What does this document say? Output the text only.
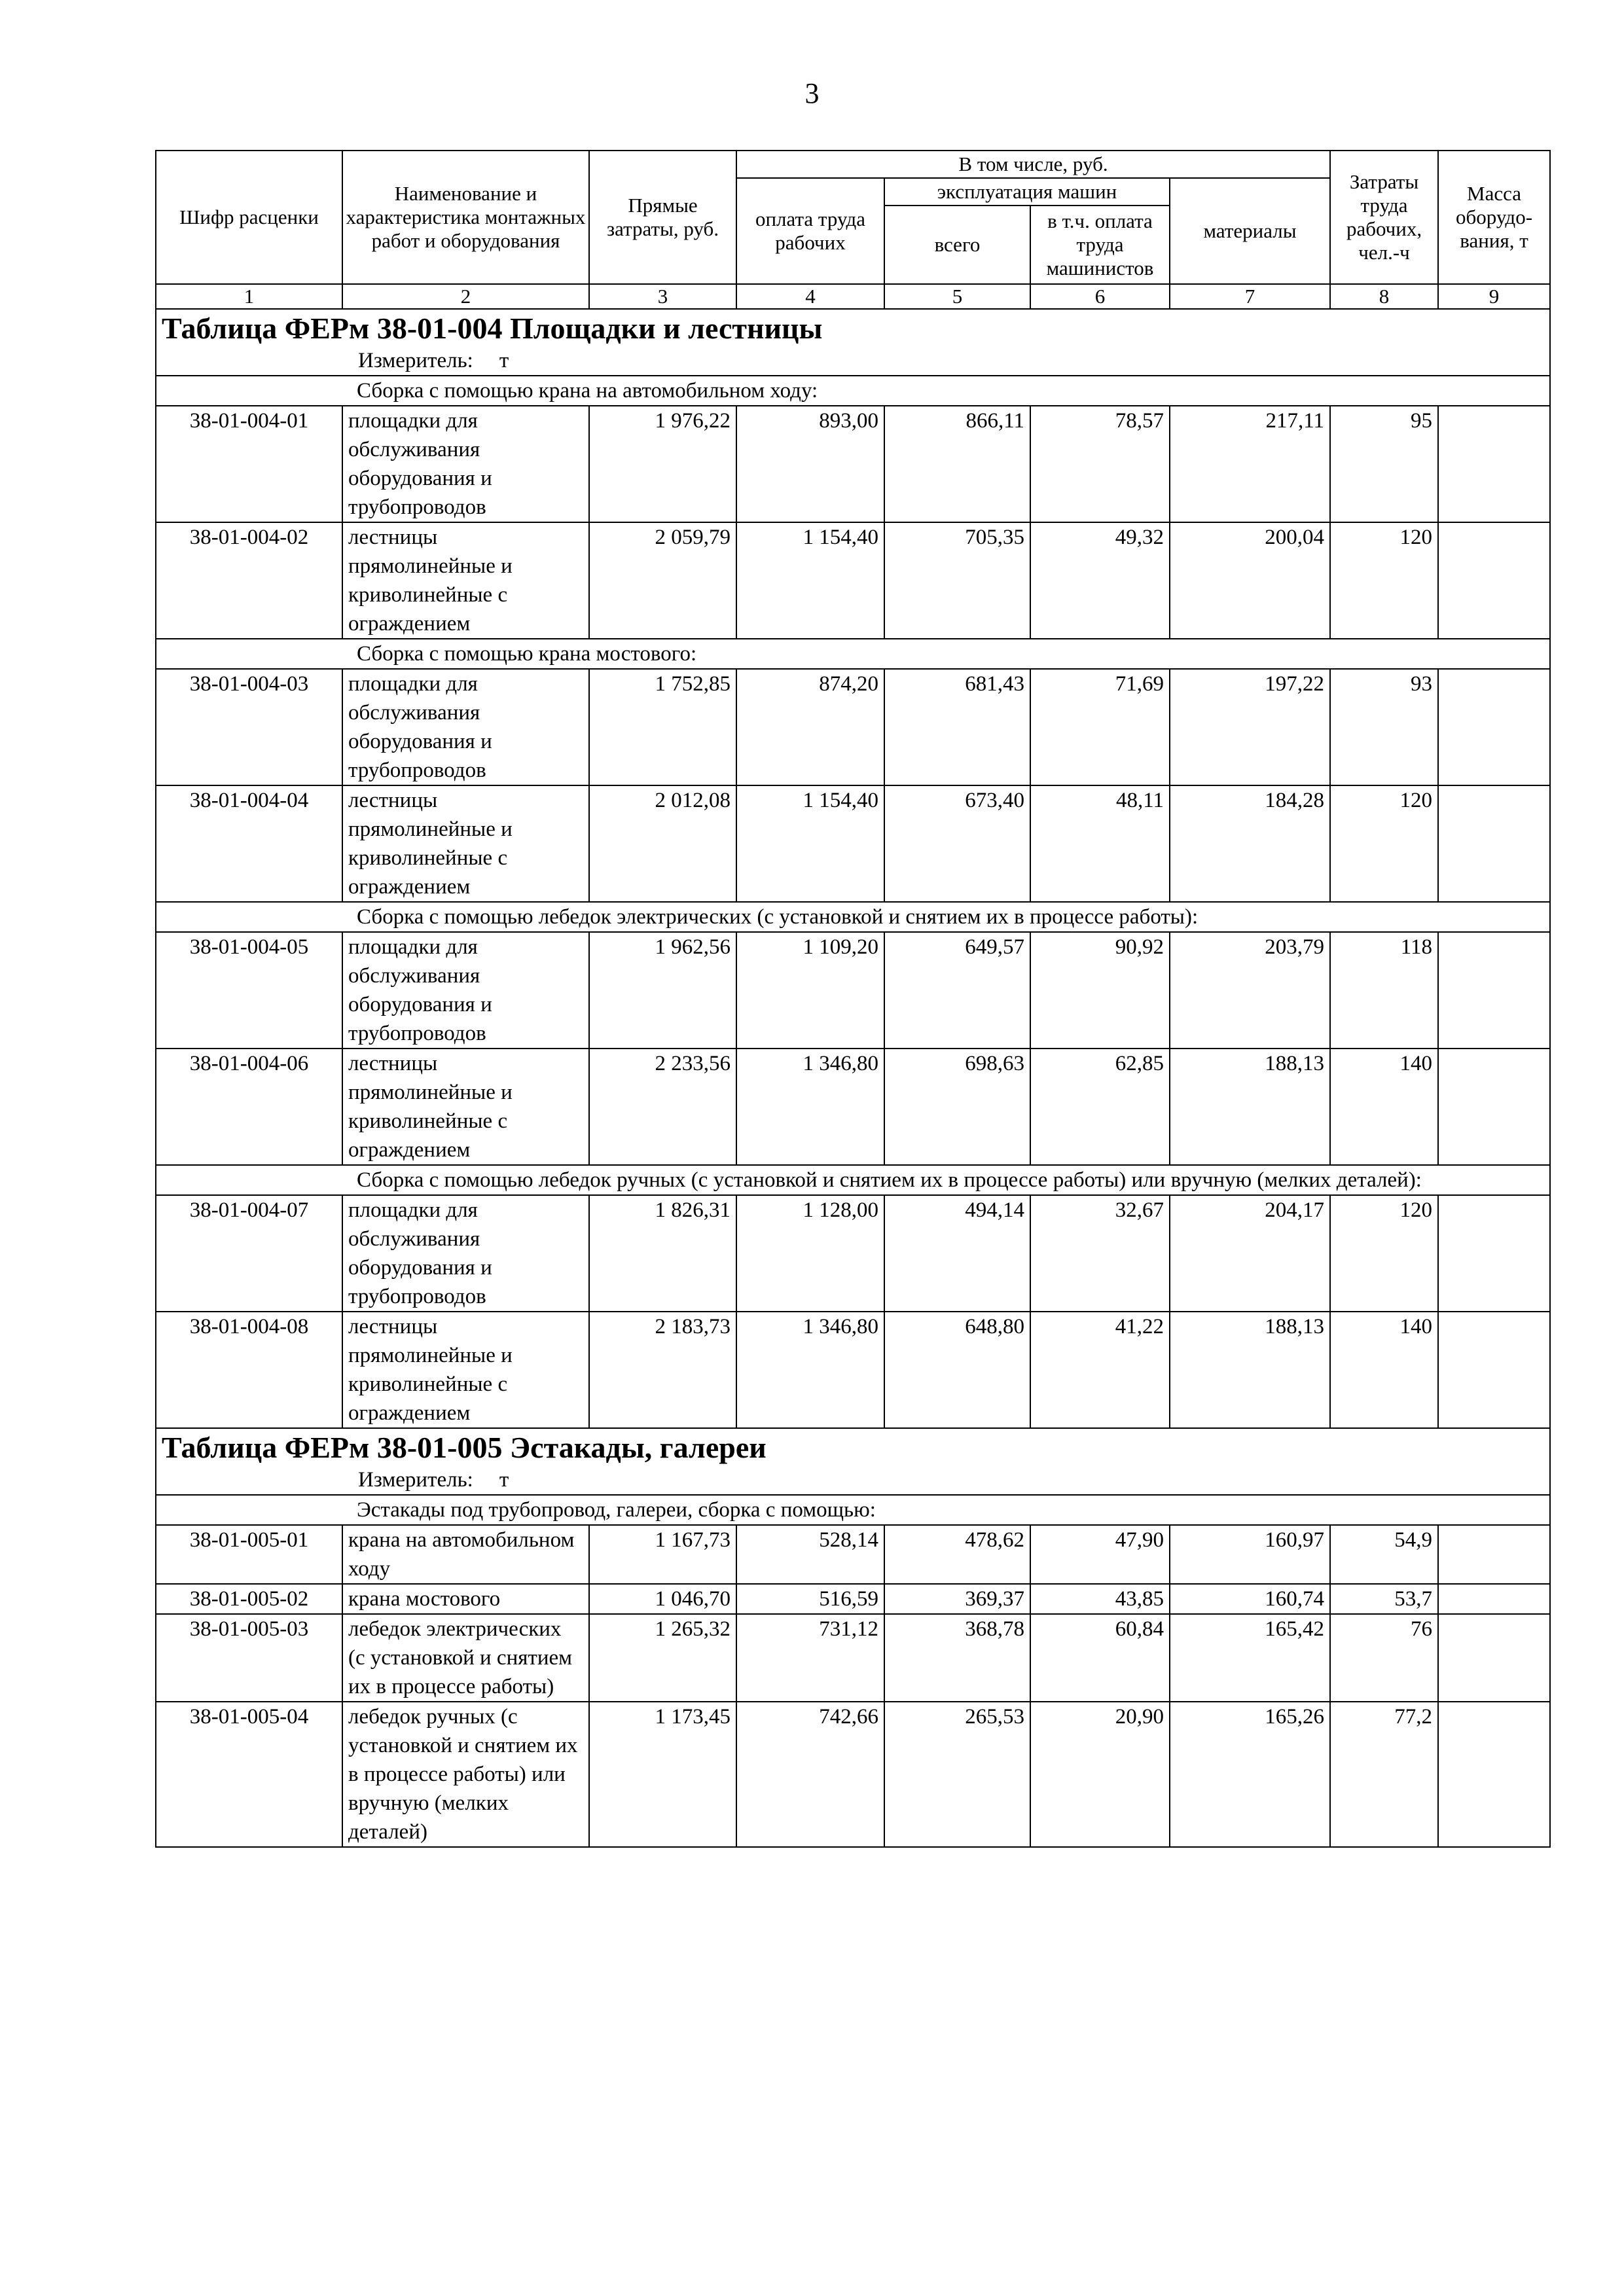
3
Шифр расценки	Наименование и характеристика монтажных работ и оборудования	Прямые затраты, руб.	В том числе, руб.				Затраты труда рабочих, чел.-ч	Масса оборудо-вания, т
			оплата труда рабочих	эксплуатация машин		материалы		
				всего	в т.ч. оплата труда машинистов			
1	2	3	4	5	6	7	8	9
Таблица ФЕРм 38-01-004 Площадки и лестницы								
Измеритель: т								
Сборка с помощью крана на автомобильном ходу:								
38-01-004-01	площадки для обслуживания оборудования и трубопроводов	1 976,22	893,00	866,11	78,57	217,11	95	
38-01-004-02	лестницы прямолинейные и криволинейные с ограждением	2 059,79	1 154,40	705,35	49,32	200,04	120	
Сборка с помощью крана мостового:								
38-01-004-03	площадки для обслуживания оборудования и трубопроводов	1 752,85	874,20	681,43	71,69	197,22	93	
38-01-004-04	лестницы прямолинейные и криволинейные с ограждением	2 012,08	1 154,40	673,40	48,11	184,28	120	
Сборка с помощью лебедок электрических (с установкой и снятием их в процессе работы):								
38-01-004-05	площадки для обслуживания оборудования и трубопроводов	1 962,56	1 109,20	649,57	90,92	203,79	118	
38-01-004-06	лестницы прямолинейные и криволинейные с ограждением	2 233,56	1 346,80	698,63	62,85	188,13	140	
Сборка с помощью лебедок ручных (с установкой и снятием их в процессе работы) или вручную (мелких деталей):								
38-01-004-07	площадки для обслуживания оборудования и трубопроводов	1 826,31	1 128,00	494,14	32,67	204,17	120	
38-01-004-08	лестницы прямолинейные и криволинейные с ограждением	2 183,73	1 346,80	648,80	41,22	188,13	140	
Таблица ФЕРм 38-01-005 Эстакады, галереи								
Измеритель: т								
Эстакады под трубопровод, галереи, сборка с помощью:								
38-01-005-01	крана на автомобильном ходу	1 167,73	528,14	478,62	47,90	160,97	54,9	
38-01-005-02	крана мостового	1 046,70	516,59	369,37	43,85	160,74	53,7	
38-01-005-03	лебедок электрических (с установкой и снятием их в процессе работы)	1 265,32	731,12	368,78	60,84	165,42	76	
38-01-005-04	лебедок ручных (с установкой и снятием их в процессе работы) или вручную (мелких деталей)	1 173,45	742,66	265,53	20,90	165,26	77,2	
